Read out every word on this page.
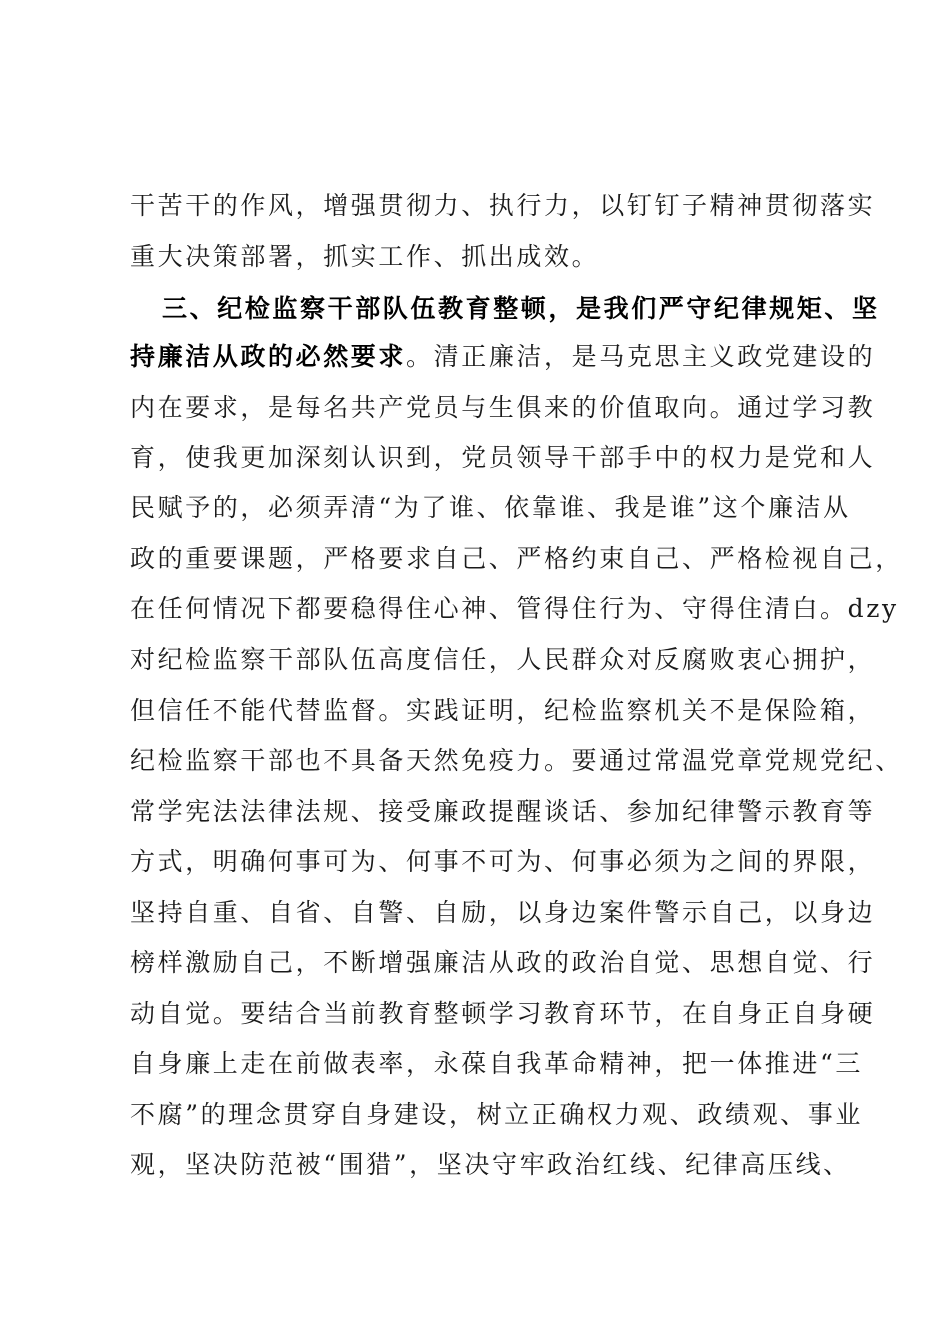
干苦干的作风，增强贯彻力、执行力，以钉钉子精神贯彻落实
重大决策部署，抓实工作、抓出成效。
三、纪检监察干部队伍教育整顿，是我们严守纪律规矩、坚
持廉洁从政的必然要求。清正廉洁，是马克思主义政党建设的
内在要求，是每名共产党员与生俱来的价值取向。通过学习教
育，使我更加深刻认识到，党员领导干部手中的权力是党和人
民赋予的，必须弄清“为了谁、依靠谁、我是谁”这个廉洁从
政的重要课题，严格要求自己、严格约束自己、严格检视自己，
在任何情况下都要稳得住心神、管得住行为、守得住清白。dzy
对纪检监察干部队伍高度信任，人民群众对反腐败衷心拥护，
但信任不能代替监督。实践证明，纪检监察机关不是保险箱，
纪检监察干部也不具备天然免疫力。要通过常温党章党规党纪、
常学宪法法律法规、接受廉政提醒谈话、参加纪律警示教育等
方式，明确何事可为、何事不可为、何事必须为之间的界限，
坚持自重、自省、自警、自励，以身边案件警示自己，以身边
榜样激励自己，不断增强廉洁从政的政治自觉、思想自觉、行
动自觉。要结合当前教育整顿学习教育环节，在自身正自身硬
自身廉上走在前做表率，永葆自我革命精神，把一体推进“三
不腐”的理念贯穿自身建设，树立正确权力观、政绩观、事业
观，坚决防范被“围猎”，坚决守牢政治红线、纪律高压线、
